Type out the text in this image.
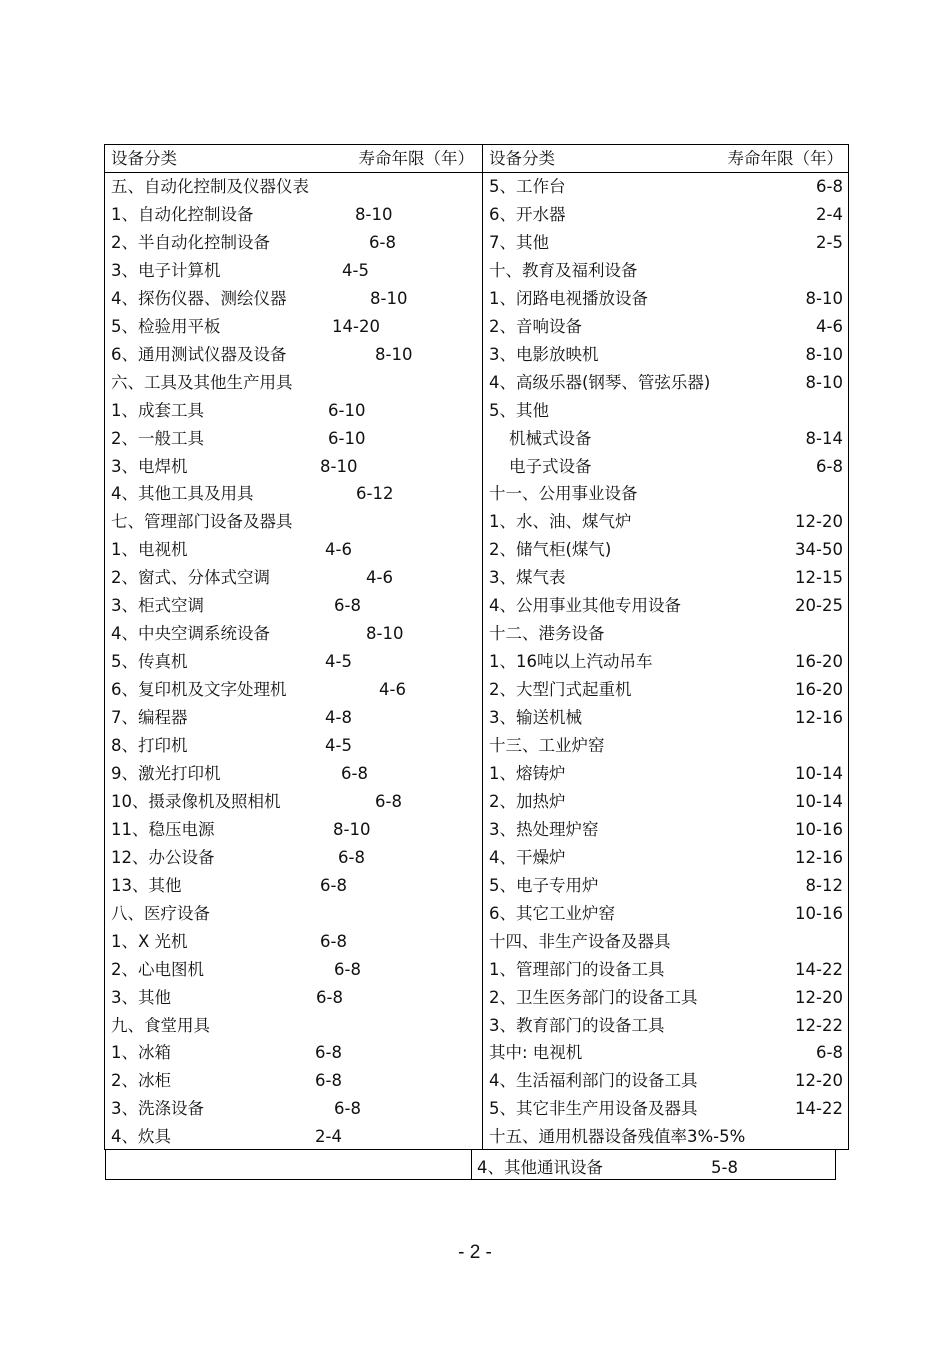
设备分类	寿命年限（年）
五、自动化控制及仪器仪表
1、自动化控制设备	8-10
2、半自动化控制设备	6-8
3、电子计算机	4-5
4、探伤仪器、测绘仪器	8-10
5、检验用平板	14-20
6、通用测试仪器及设备	8-10
六、工具及其他生产用具
1、成套工具	6-10
2、一般工具	6-10
3、电焊机	8-10
4、其他工具及用具	6-12
七、管理部门设备及器具
1、电视机	4-6
2、窗式、分体式空调	4-6
3、柜式空调	6-8
4、中央空调系统设备	8-10
5、传真机	4-5
6、复印机及文字处理机	4-6
7、编程器	4-8
8、打印机	4-5
9、激光打印机	6-8
10、摄录像机及照相机	6-8
11、稳压电源	8-10
12、办公设备	6-8
13、其他	6-8
八、医疗设备
1、X 光机	6-8
2、心电图机	6-8
3、其他	6-8
九、食堂用具
1、冰箱	6-8
2、冰柜	6-8
3、洗涤设备	6-8
4、炊具	2-4
设备分类	寿命年限（年）
5、工作台	6-8
6、开水器	2-4
7、其他	2-5
十、教育及福利设备
1、闭路电视播放设备	8-10
2、音响设备	4-6
3、电影放映机	8-10
4、高级乐器(钢琴、管弦乐器)	8-10
5、其他
机械式设备	8-14
电子式设备	6-8
十一、公用事业设备
1、水、油、煤气炉	12-20
2、储气柜(煤气)	34-50
3、煤气表	12-15
4、公用事业其他专用设备	20-25
十二、港务设备
1、16吨以上汽动吊车	16-20
2、大型门式起重机	16-20
3、输送机械	12-16
十三、工业炉窑
1、熔铸炉	10-14
2、加热炉	10-14
3、热处理炉窑	10-16
4、干燥炉	12-16
5、电子专用炉	8-12
6、其它工业炉窑	10-16
十四、非生产设备及器具
1、管理部门的设备工具	14-22
2、卫生医务部门的设备工具	12-20
3、教育部门的设备工具	12-22
其中: 电视机	6-8
4、生活福利部门的设备工具	12-20
5、其它非生产用设备及器具	14-22
十五、通用机器设备残值率3%-5%
4、其他通讯设备	5-8
- 2 -
